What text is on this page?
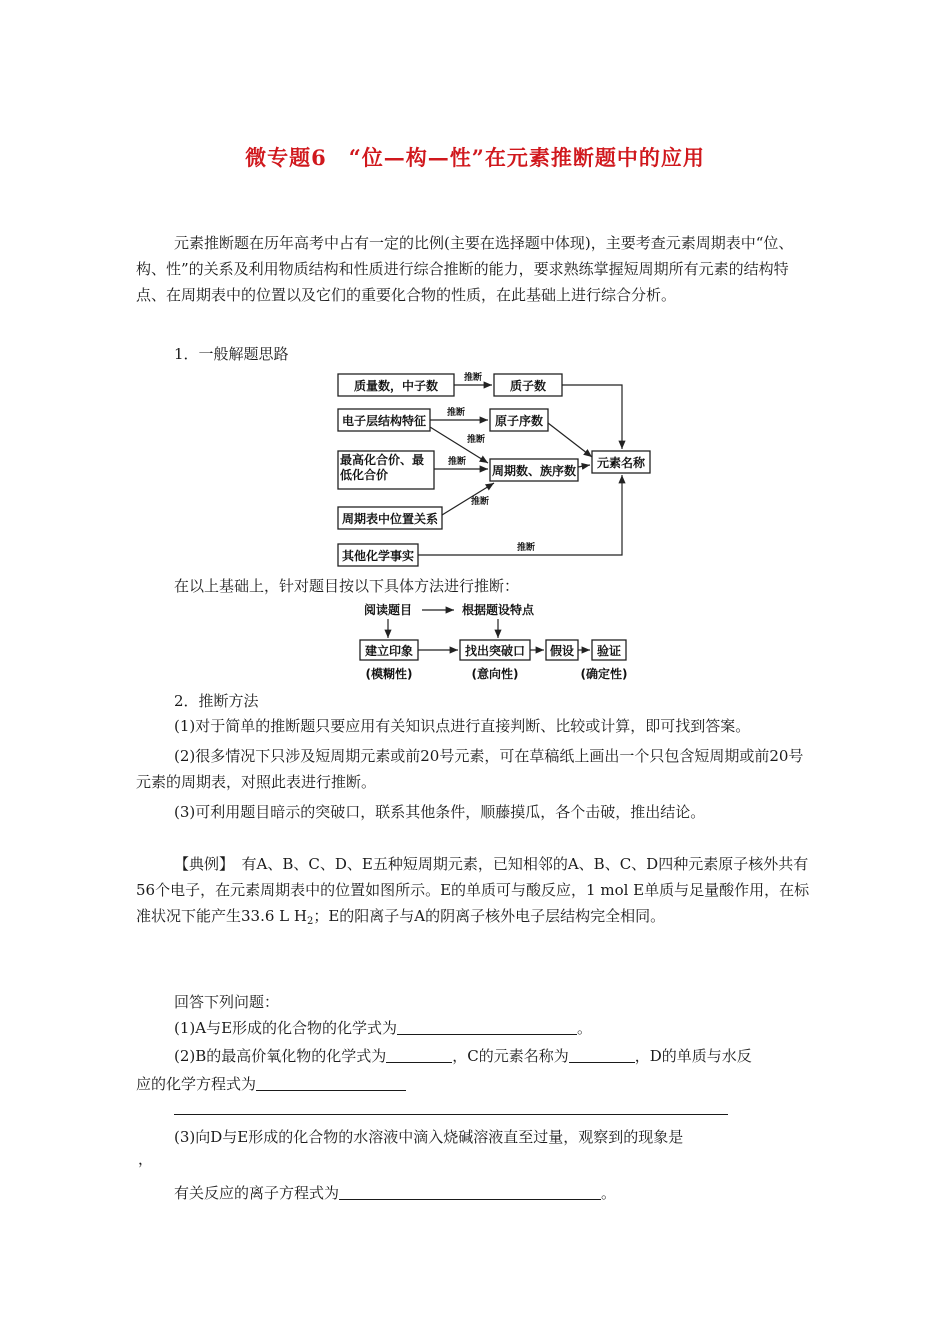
微专题6　“位—构—性”在元素推断题中的应用
元素推断题在历年高考中占有一定的比例(主要在选择题中体现)，主要考查元素周期表中“位、构、性”的关系及利用物质结构和性质进行综合推断的能力，要求熟练掌握短周期所有元素的结构特点、在周期表中的位置以及它们的重要化合物的性质，在此基础上进行综合分析。
1．一般解题思路
质量数，中子数	质子数
电子层结构特征	原子序数
最高化合价、最低化合价	周期数、族序数
元素名称
周期表中位置关系
其他化学事实
推断
推断
推断
推断
推断
推断
在以上基础上，针对题目按以下具体方法进行推断：
阅读题目	根据题设特点
建立印象	找出突破口 假设 验证
(模糊性)	(意向性)	(确定性)
2．推断方法
(1)对于简单的推断题只要应用有关知识点进行直接判断、比较或计算，即可找到答案。
(2)很多情况下只涉及短周期元素或前20号元素，可在草稿纸上画出一个只包含短周期或前20号元素的周期表，对照此表进行推断。
(3)可利用题目暗示的突破口，联系其他条件，顺藤摸瓜，各个击破，推出结论。
【典例】　 有A、B、C、D、E五种短周期元素，已知相邻的A、B、C、D四种元素原子核外共有56个电子，在元素周期表中的位置如图所示。E的单质可与酸反应，1 mol E单质与足量酸作用，在标准状况下能产生33.6 L $H_2$；E的阳离子与A的阴离子核外电子层结构完全相同。
回答下列问题：
(1)A与E形成的化合物的化学式为	。
(2)B的最高价氧化物的化学式为	，C的元素名称为	，D的单质与水反
应的化学方程式为
(3)向D与E形成的化合物的水溶液中滴入烧碱溶液直至过量，观察到的现象是
，
有关反应的离子方程式为	。
